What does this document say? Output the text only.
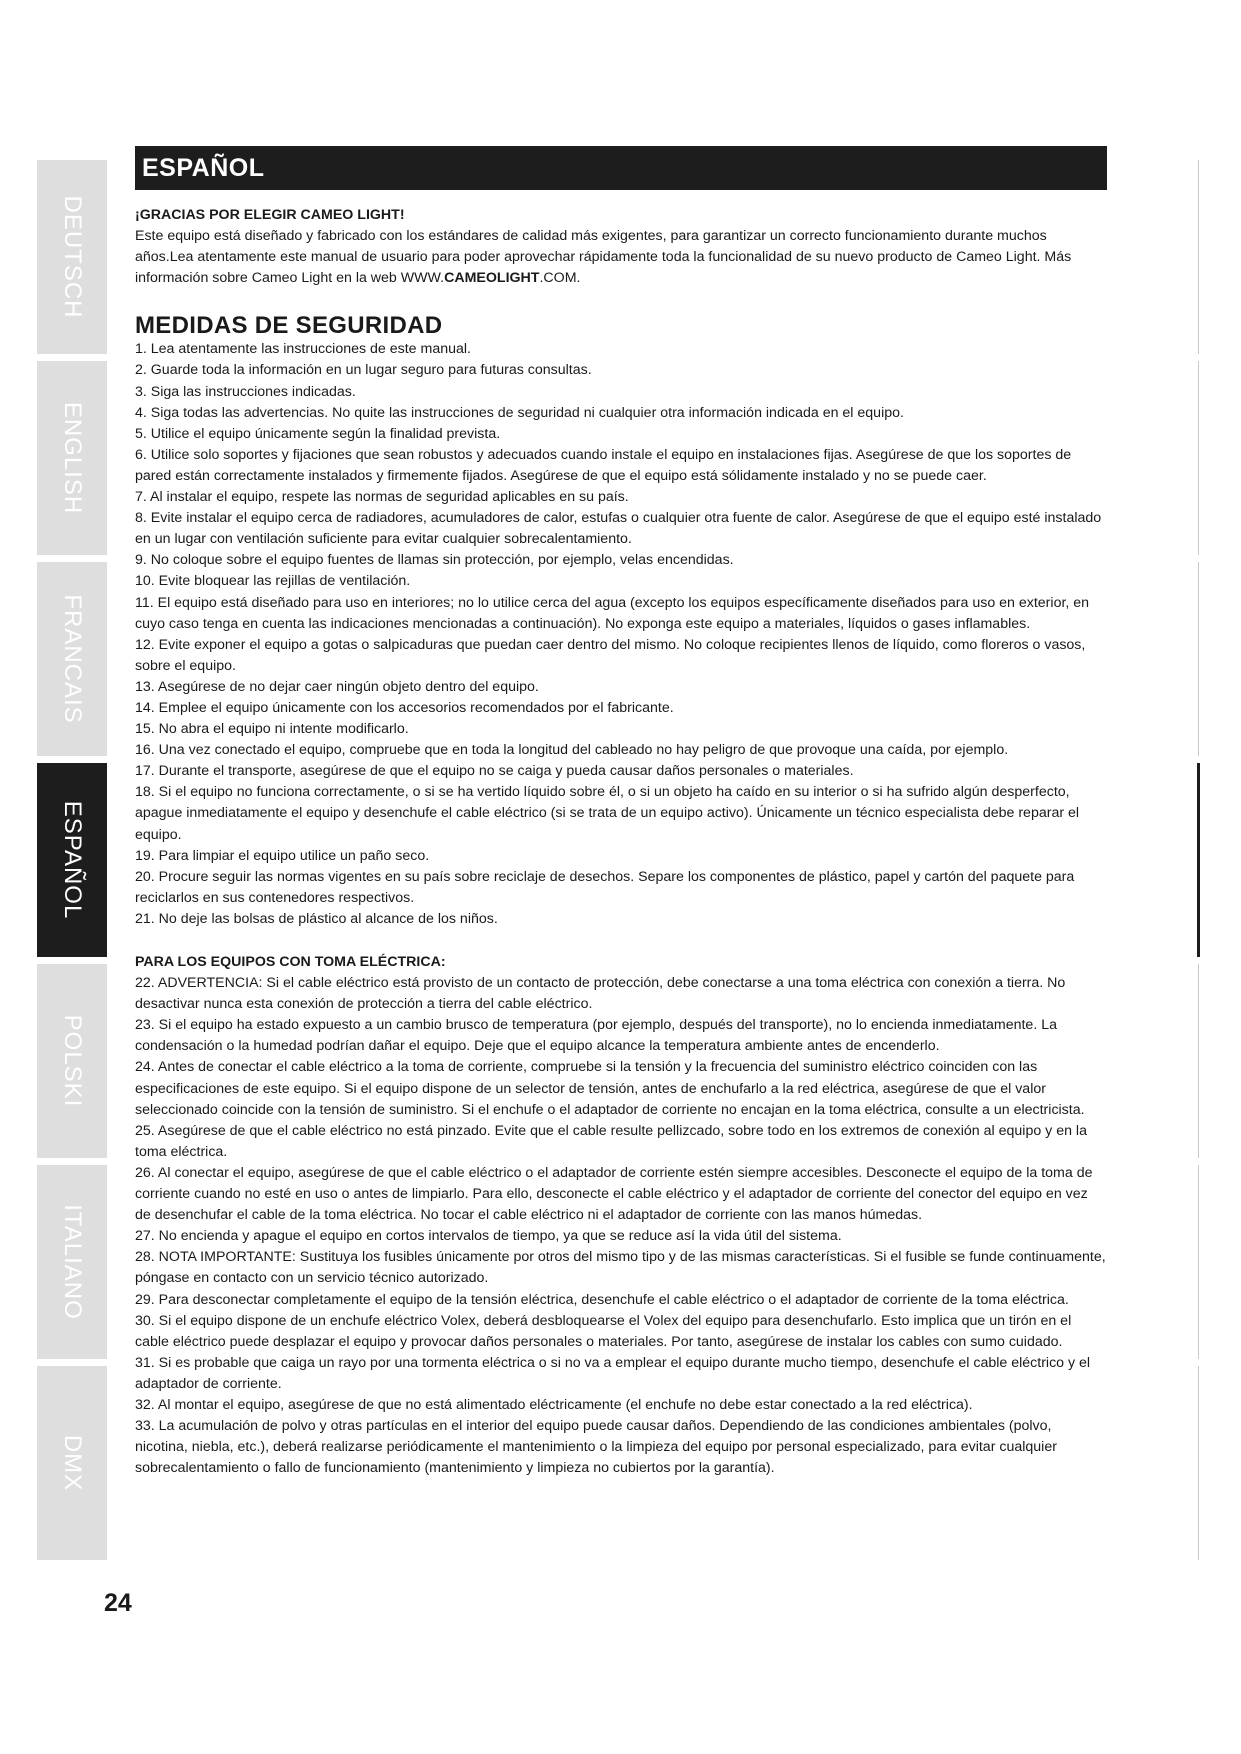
DEUTSCH
ENGLISH
FRANCAIS
ESPAÑOL
POLSKI
ITALIANO
DMX
ESPAÑOL

¡GRACIAS POR ELEGIR CAMEO LIGHT!

Este equipo está diseñado y fabricado con los estándares de calidad más exigentes, para garantizar un correcto funcionamiento durante muchos años.Lea atentamente este manual de usuario para poder aprovechar rápidamente toda la funcionalidad de su nuevo producto de Cameo Light. Más información sobre Cameo Light en la web WWW.CAMEOLIGHT.COM.

MEDIDAS DE SEGURIDAD
1. Lea atentamente las instrucciones de este manual.
2. Guarde toda la información en un lugar seguro para futuras consultas.
3. Siga las instrucciones indicadas.
4. Siga todas las advertencias. No quite las instrucciones de seguridad ni cualquier otra información indicada en el equipo.
5. Utilice el equipo únicamente según la finalidad prevista.
6. Utilice solo soportes y fijaciones que sean robustos y adecuados cuando instale el equipo en instalaciones fijas. Asegúrese de que los soportes de pared están correctamente instalados y firmemente fijados. Asegúrese de que el equipo está sólidamente instalado y no se puede caer.
7. Al instalar el equipo, respete las normas de seguridad aplicables en su país.
8. Evite instalar el equipo cerca de radiadores, acumuladores de calor, estufas o cualquier otra fuente de calor. Asegúrese de que el equipo esté instalado en un lugar con ventilación suficiente para evitar cualquier sobrecalentamiento.
9. No coloque sobre el equipo fuentes de llamas sin protección, por ejemplo, velas encendidas.
10. Evite bloquear las rejillas de ventilación.
11. El equipo está diseñado para uso en interiores; no lo utilice cerca del agua (excepto los equipos específicamente diseñados para uso en exterior, en cuyo caso tenga en cuenta las indicaciones mencionadas a continuación). No exponga este equipo a materiales, líquidos o gases inflamables.
12. Evite exponer el equipo a gotas o salpicaduras que puedan caer dentro del mismo. No coloque recipientes llenos de líquido, como floreros o vasos, sobre el equipo.
13. Asegúrese de no dejar caer ningún objeto dentro del equipo.
14. Emplee el equipo únicamente con los accesorios recomendados por el fabricante.
15. No abra el equipo ni intente modificarlo.
16. Una vez conectado el equipo, compruebe que en toda la longitud del cableado no hay peligro de que provoque una caída, por ejemplo.
17. Durante el transporte, asegúrese de que el equipo no se caiga y pueda causar daños personales o materiales.
18. Si el equipo no funciona correctamente, o si se ha vertido líquido sobre él, o si un objeto ha caído en su interior o si ha sufrido algún desperfecto, apague inmediatamente el equipo y desenchufe el cable eléctrico (si se trata de un equipo activo). Únicamente un técnico especialista debe reparar el equipo.
19. Para limpiar el equipo utilice un paño seco.
20. Procure seguir las normas vigentes en su país sobre reciclaje de desechos. Separe los componentes de plástico, papel y cartón del paquete para reciclarlos en sus contenedores respectivos.
21. No deje las bolsas de plástico al alcance de los niños.

PARA LOS EQUIPOS CON TOMA ELÉCTRICA:

22. ADVERTENCIA: Si el cable eléctrico está provisto de un contacto de protección, debe conectarse a una toma eléctrica con conexión a tierra. No desactivar nunca esta conexión de protección a tierra del cable eléctrico.
23. Si el equipo ha estado expuesto a un cambio brusco de temperatura (por ejemplo, después del transporte), no lo encienda inmediatamente. La condensación o la humedad podrían dañar el equipo. Deje que el equipo alcance la temperatura ambiente antes de encenderlo.
24. Antes de conectar el cable eléctrico a la toma de corriente, compruebe si la tensión y la frecuencia del suministro eléctrico coinciden con las especificaciones de este equipo. Si el equipo dispone de un selector de tensión, antes de enchufarlo a la red eléctrica, asegúrese de que el valor seleccionado coincide con la tensión de suministro. Si el enchufe o el adaptador de corriente no encajan en la toma eléctrica, consulte a un electricista.
25. Asegúrese de que el cable eléctrico no está pinzado. Evite que el cable resulte pellizcado, sobre todo en los extremos de conexión al equipo y en la toma eléctrica.
26. Al conectar el equipo, asegúrese de que el cable eléctrico o el adaptador de corriente estén siempre accesibles. Desconecte el equipo de la toma de corriente cuando no esté en uso o antes de limpiarlo. Para ello, desconecte el cable eléctrico y el adaptador de corriente del conector del equipo en vez de desenchufar el cable de la toma eléctrica. No tocar el cable eléctrico ni el adaptador de corriente con las manos húmedas.
27. No encienda y apague el equipo en cortos intervalos de tiempo, ya que se reduce así la vida útil del sistema.
28. NOTA IMPORTANTE: Sustituya los fusibles únicamente por otros del mismo tipo y de las mismas características. Si el fusible se funde continuamente, póngase en contacto con un servicio técnico autorizado.
29. Para desconectar completamente el equipo de la tensión eléctrica, desenchufe el cable eléctrico o el adaptador de corriente de la toma eléctrica.
30. Si el equipo dispone de un enchufe eléctrico Volex, deberá desbloquearse el Volex del equipo para desenchufarlo. Esto implica que un tirón en el cable eléctrico puede desplazar el equipo y provocar daños personales o materiales. Por tanto, asegúrese de instalar los cables con sumo cuidado.
31. Si es probable que caiga un rayo por una tormenta eléctrica o si no va a emplear el equipo durante mucho tiempo, desenchufe el cable eléctrico y el adaptador de corriente.
32. Al montar el equipo, asegúrese de que no está alimentado eléctricamente (el enchufe no debe estar conectado a la red eléctrica).
33. La acumulación de polvo y otras partículas en el interior del equipo puede causar daños. Dependiendo de las condiciones ambientales (polvo, nicotina, niebla, etc.), deberá realizarse periódicamente el mantenimiento o la limpieza del equipo por personal especializado, para evitar cualquier sobrecalentamiento o fallo de funcionamiento (mantenimiento y limpieza no cubiertos por la garantía).
24
